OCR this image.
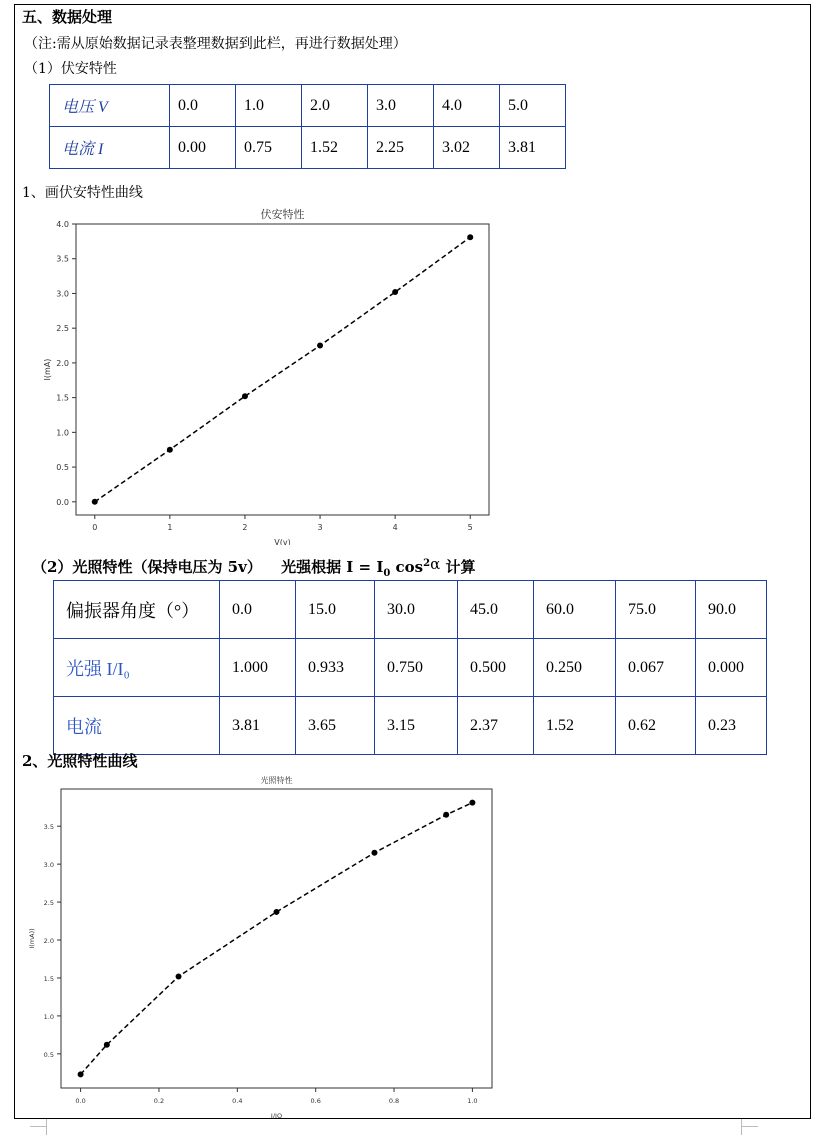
五、数据处理
（注:需从原始数据记录表整理数据到此栏，再进行数据处理）
（1）伏安特性
电压 V	0.0	1.0	2.0	3.0	4.0	5.0
电流 I	0.00	0.75	1.52	2.25	3.02	3.81
1、画伏安特性曲线
伏安特性
0	1	2	3	4	5
0.0
0.5
1.0
1.5
2.0
2.5
3.0
3.5
4.0
V(v)
I(mA)
（2）光照特性（保持电压为 5v） 光强根据 $I = I_0$ $\cos^2\alpha$ 计算
偏振器角度（°）	0.0	15.0	30.0	45.0	60.0	75.0	90.0
光强 I/I₀	1.000	0.933	0.750	0.500	0.250	0.067	0.000
电流	3.81	3.65	3.15	2.37	1.52	0.62	0.23
2、光照特性曲线
光照特性
0.0	0.2	0.4	0.6	0.8	1.0
0.5
1.0
1.5
2.0
2.5
3.0
3.5
I/IO
I(mA))
